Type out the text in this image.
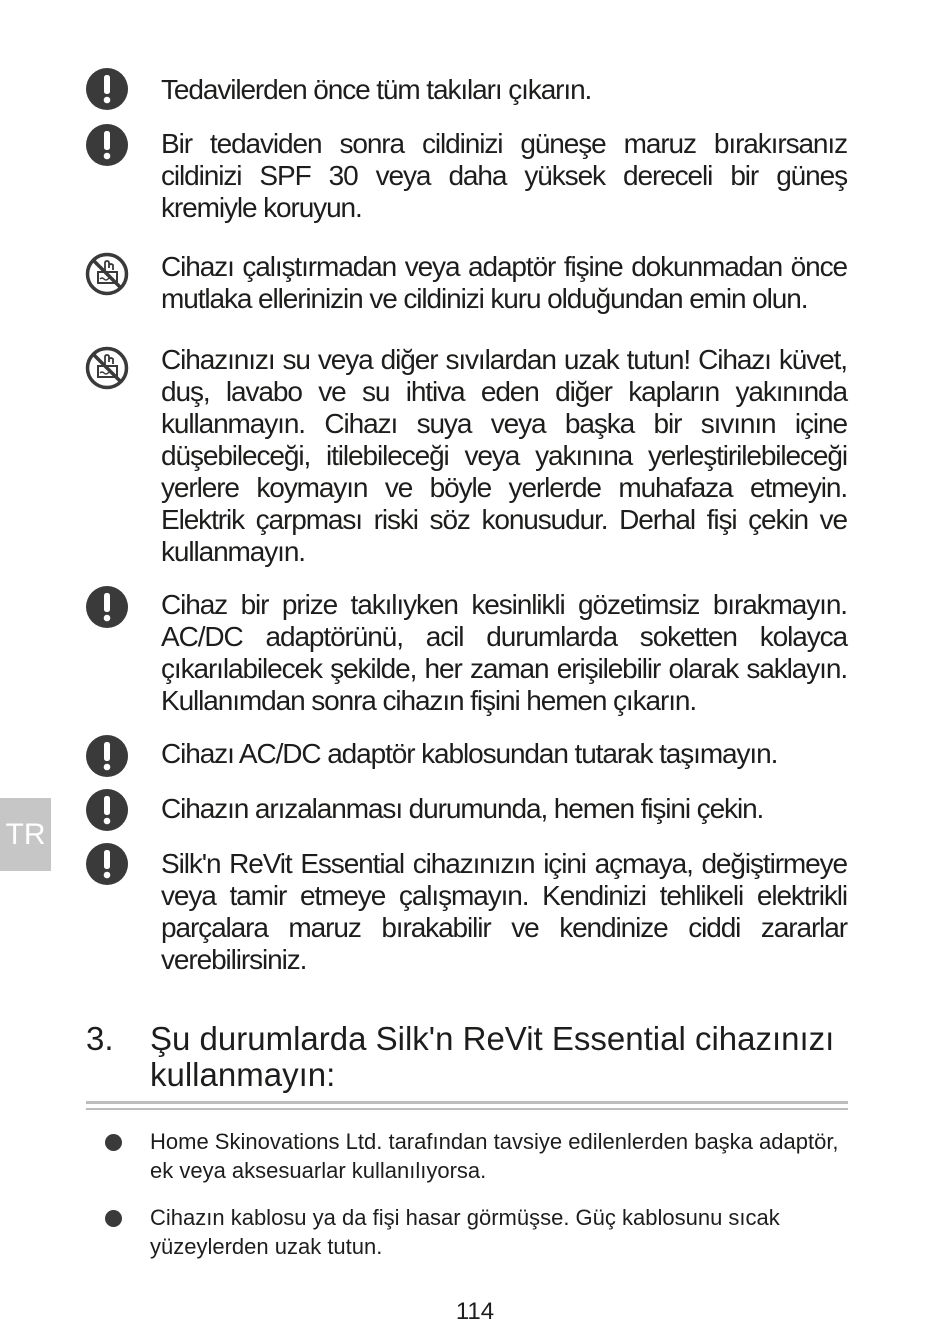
TR

Tedavilerden önce tüm takıları çıkarın.

Bir tedaviden sonra cildinizi güneşe maruz bırakırsanız cildinizi SPF 30 veya daha yüksek dereceli bir güneş kremiyle koruyun.

Cihazı çalıştırmadan veya adaptör fişine dokunmadan önce mutlaka ellerinizin ve cildinizi kuru olduğundan emin olun.

Cihazınızı su veya diğer sıvılardan uzak tutun! Cihazı küvet, duş, lavabo ve su ihtiva eden diğer kapların yakınında kullanmayın. Cihazı suya veya başka bir sıvının içine düşebileceği, itilebileceği veya yakınına yerleştirilebileceği yerlere koymayın ve böyle yerlerde muhafaza etmeyin. Elektrik çarpması riski söz konusudur. Derhal fişi çekin ve kullanmayın.

Cihaz bir prize takılıyken kesinlikli gözetimsiz bırakmayın. AC/DC adaptörünü, acil durumlarda soketten kolayca çıkarılabilecek şekilde, her zaman erişilebilir olarak saklayın. Kullanımdan sonra cihazın fişini hemen çıkarın.

Cihazı AC/DC adaptör kablosundan tutarak taşımayın.

Cihazın arızalanması durumunda, hemen fişini çekin.

Silk'n ReVit Essential cihazınızın içini açmaya, değiştirmeye veya tamir etmeye çalışmayın. Kendinizi tehlikeli elektrikli parçalara maruz bırakabilir ve kendinize ciddi zararlar verebilirsiniz.

3. Şu durumlarda Silk'n ReVit Essential cihazınızı kullanmayın:

Home Skinovations Ltd. tarafından tavsiye edilenlerden başka adaptör, ek veya aksesuarlar kullanılıyorsa.

Cihazın kablosu ya da fişi hasar görmüşse. Güç kablosunu sıcak yüzeylerden uzak tutun.

114
